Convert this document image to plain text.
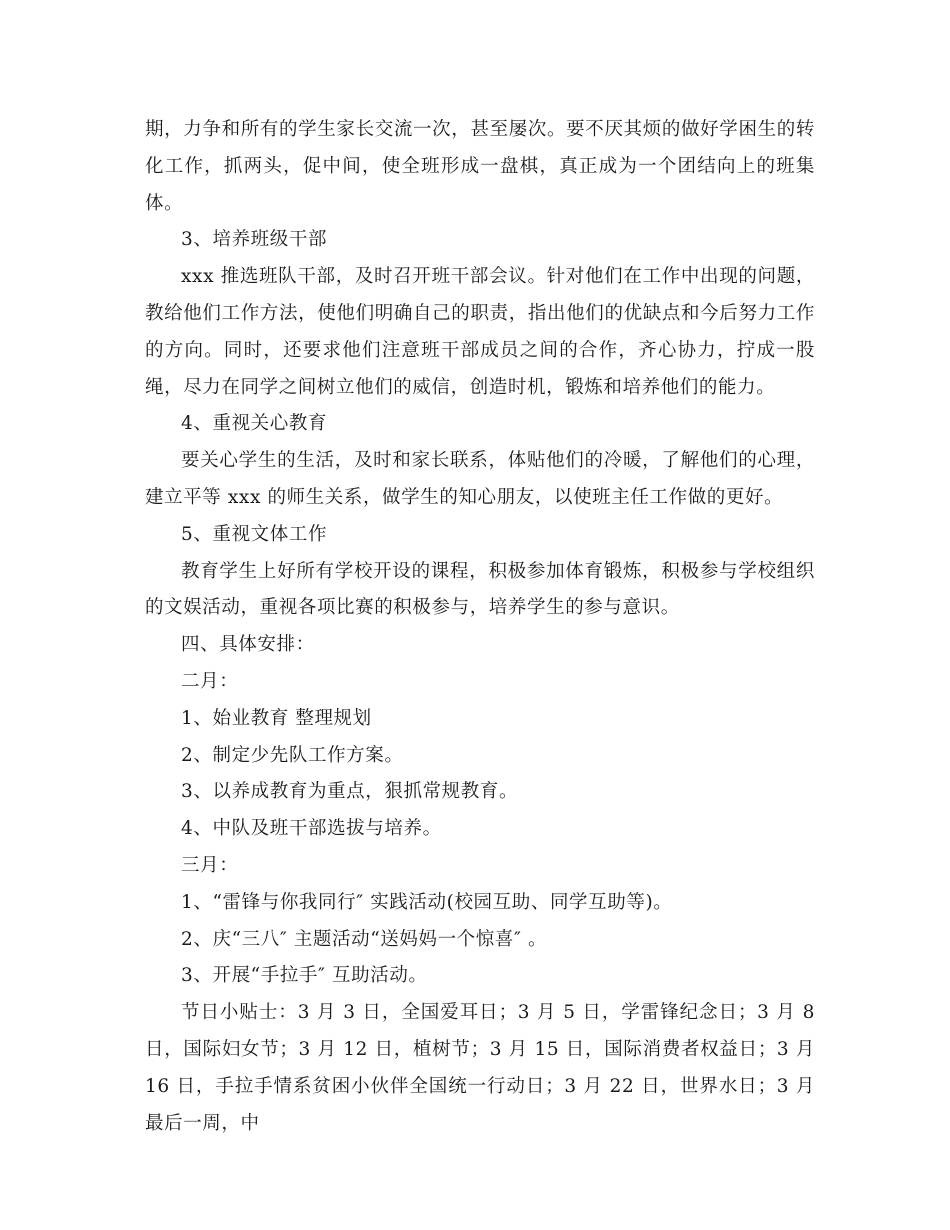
期，力争和所有的学生家长交流一次，甚至屡次。要不厌其烦的做好学困生的转化工作，抓两头，促中间，使全班形成一盘棋，真正成为一个团结向上的班集体。

3、培养班级干部

xxx 推选班队干部，及时召开班干部会议。针对他们在工作中出现的问题，教给他们工作方法，使他们明确自己的职责，指出他们的优缺点和今后努力工作的方向。同时，还要求他们注意班干部成员之间的合作，齐心协力，拧成一股绳，尽力在同学之间树立他们的威信，创造时机，锻炼和培养他们的能力。

4、重视关心教育

要关心学生的生活，及时和家长联系，体贴他们的冷暖，了解他们的心理，建立平等 xxx 的师生关系，做学生的知心朋友，以使班主任工作做的更好。

5、重视文体工作

教育学生上好所有学校开设的课程，积极参加体育锻炼，积极参与学校组织的文娱活动，重视各项比赛的积极参与，培养学生的参与意识。

四、具体安排：

二月：

1、始业教育 整理规划

2、制定少先队工作方案。

3、以养成教育为重点，狠抓常规教育。

4、中队及班干部选拔与培养。

三月：

1、“雷锋与你我同行″ 实践活动(校园互助、同学互助等)。

2、庆“三八″ 主题活动“送妈妈一个惊喜″ 。

3、开展“手拉手″ 互助活动。

节日小贴士：3 月 3 日，全国爱耳日；3 月 5 日，学雷锋纪念日；3 月 8 日，国际妇女节；3 月 12 日，植树节；3 月 15 日，国际消费者权益日；3 月 16 日，手拉手情系贫困小伙伴全国统一行动日；3 月 22 日，世界水日；3 月最后一周，中
